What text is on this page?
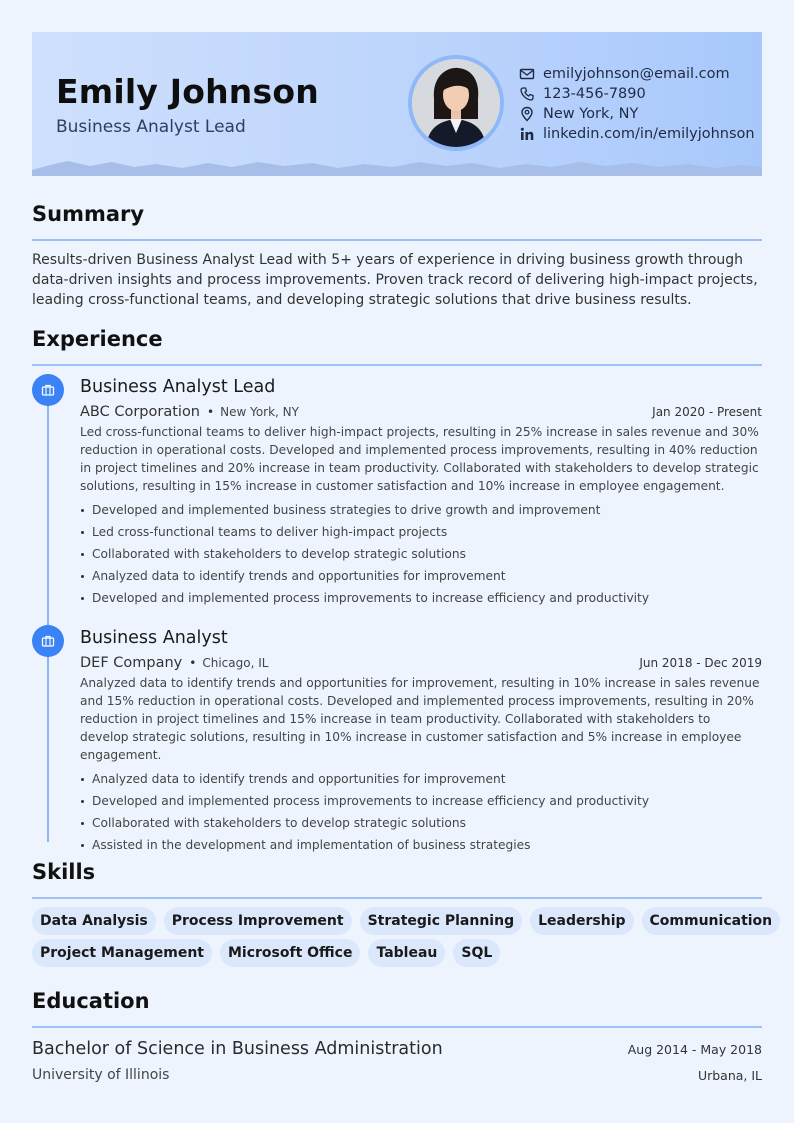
Emily Johnson
Business Analyst Lead
emilyjohnson@email.com
123-456-7890
New York, NY
linkedin.com/in/emilyjohnson
Summary
Results-driven Business Analyst Lead with 5+ years of experience in driving business growth through data-driven insights and process improvements. Proven track record of delivering high-impact projects, leading cross-functional teams, and developing strategic solutions that drive business results.
Experience
Business Analyst Lead
ABC Corporation • New York, NY	Jan 2020 - Present
Led cross-functional teams to deliver high-impact projects, resulting in 25% increase in sales revenue and 30% reduction in operational costs. Developed and implemented process improvements, resulting in 40% reduction in project timelines and 20% increase in team productivity. Collaborated with stakeholders to develop strategic solutions, resulting in 15% increase in customer satisfaction and 10% increase in employee engagement.
Developed and implemented business strategies to drive growth and improvement
Led cross-functional teams to deliver high-impact projects
Collaborated with stakeholders to develop strategic solutions
Analyzed data to identify trends and opportunities for improvement
Developed and implemented process improvements to increase efficiency and productivity
Business Analyst
DEF Company • Chicago, IL	Jun 2018 - Dec 2019
Analyzed data to identify trends and opportunities for improvement, resulting in 10% increase in sales revenue and 15% reduction in operational costs. Developed and implemented process improvements, resulting in 20% reduction in project timelines and 15% increase in team productivity. Collaborated with stakeholders to develop strategic solutions, resulting in 10% increase in customer satisfaction and 5% increase in employee engagement.
Analyzed data to identify trends and opportunities for improvement
Developed and implemented process improvements to increase efficiency and productivity
Collaborated with stakeholders to develop strategic solutions
Assisted in the development and implementation of business strategies
Skills
Data Analysis	Process Improvement	Strategic Planning	Leadership	Communication
Project Management	Microsoft Office	Tableau	SQL
Education
Bachelor of Science in Business Administration	Aug 2014 - May 2018
University of Illinois	Urbana, IL
